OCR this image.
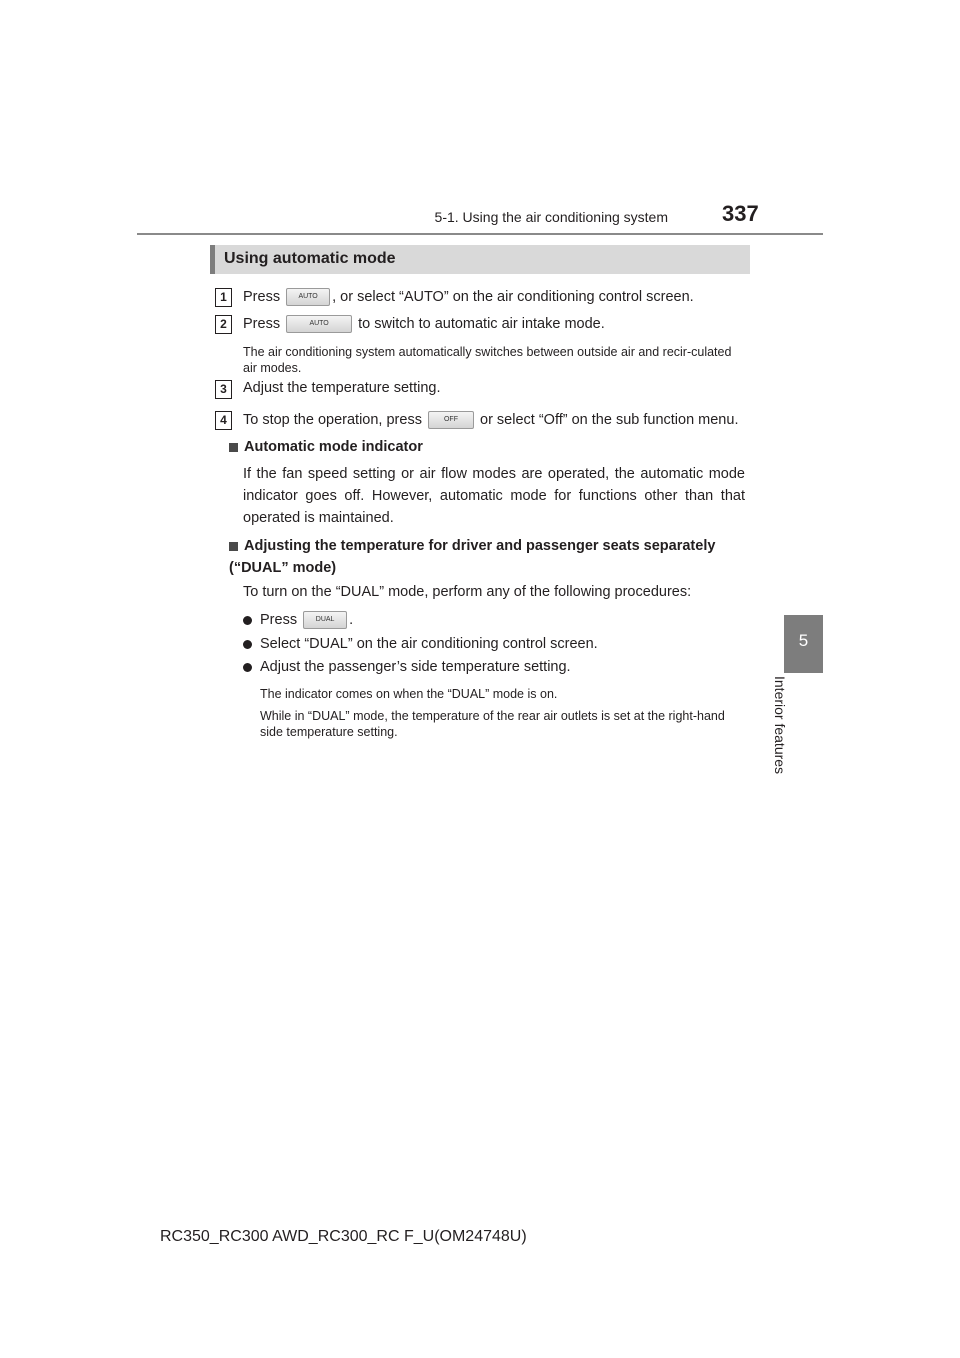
5-1. Using the air conditioning system 337
5
Interior features
Using automatic mode
1	Press	AUTO , or select “AUTO” on the air conditioning control screen.
2	Press	AUTO to switch to automatic air intake mode.
The air conditioning system automatically switches between outside air and recir-culated air modes.
3	Adjust the temperature setting.
4	To stop the operation, press	OFF or select “Off” on the sub function menu.
Automatic mode indicator
If the fan speed setting or air flow modes are operated, the automatic mode indicator goes off. However, automatic mode for functions other than that operated is maintained.
Adjusting the temperature for driver and passenger seats separately (“DUAL” mode)
To turn on the “DUAL” mode, perform any of the following procedures:
Press	DUAL .
Select “DUAL” on the air conditioning control screen.
Adjust the passenger’s side temperature setting.
The indicator comes on when the “DUAL” mode is on.
While in “DUAL” mode, the temperature of the rear air outlets is set at the right-hand side temperature setting.
RC350_RC300 AWD_RC300_RC F_U(OM24748U)
